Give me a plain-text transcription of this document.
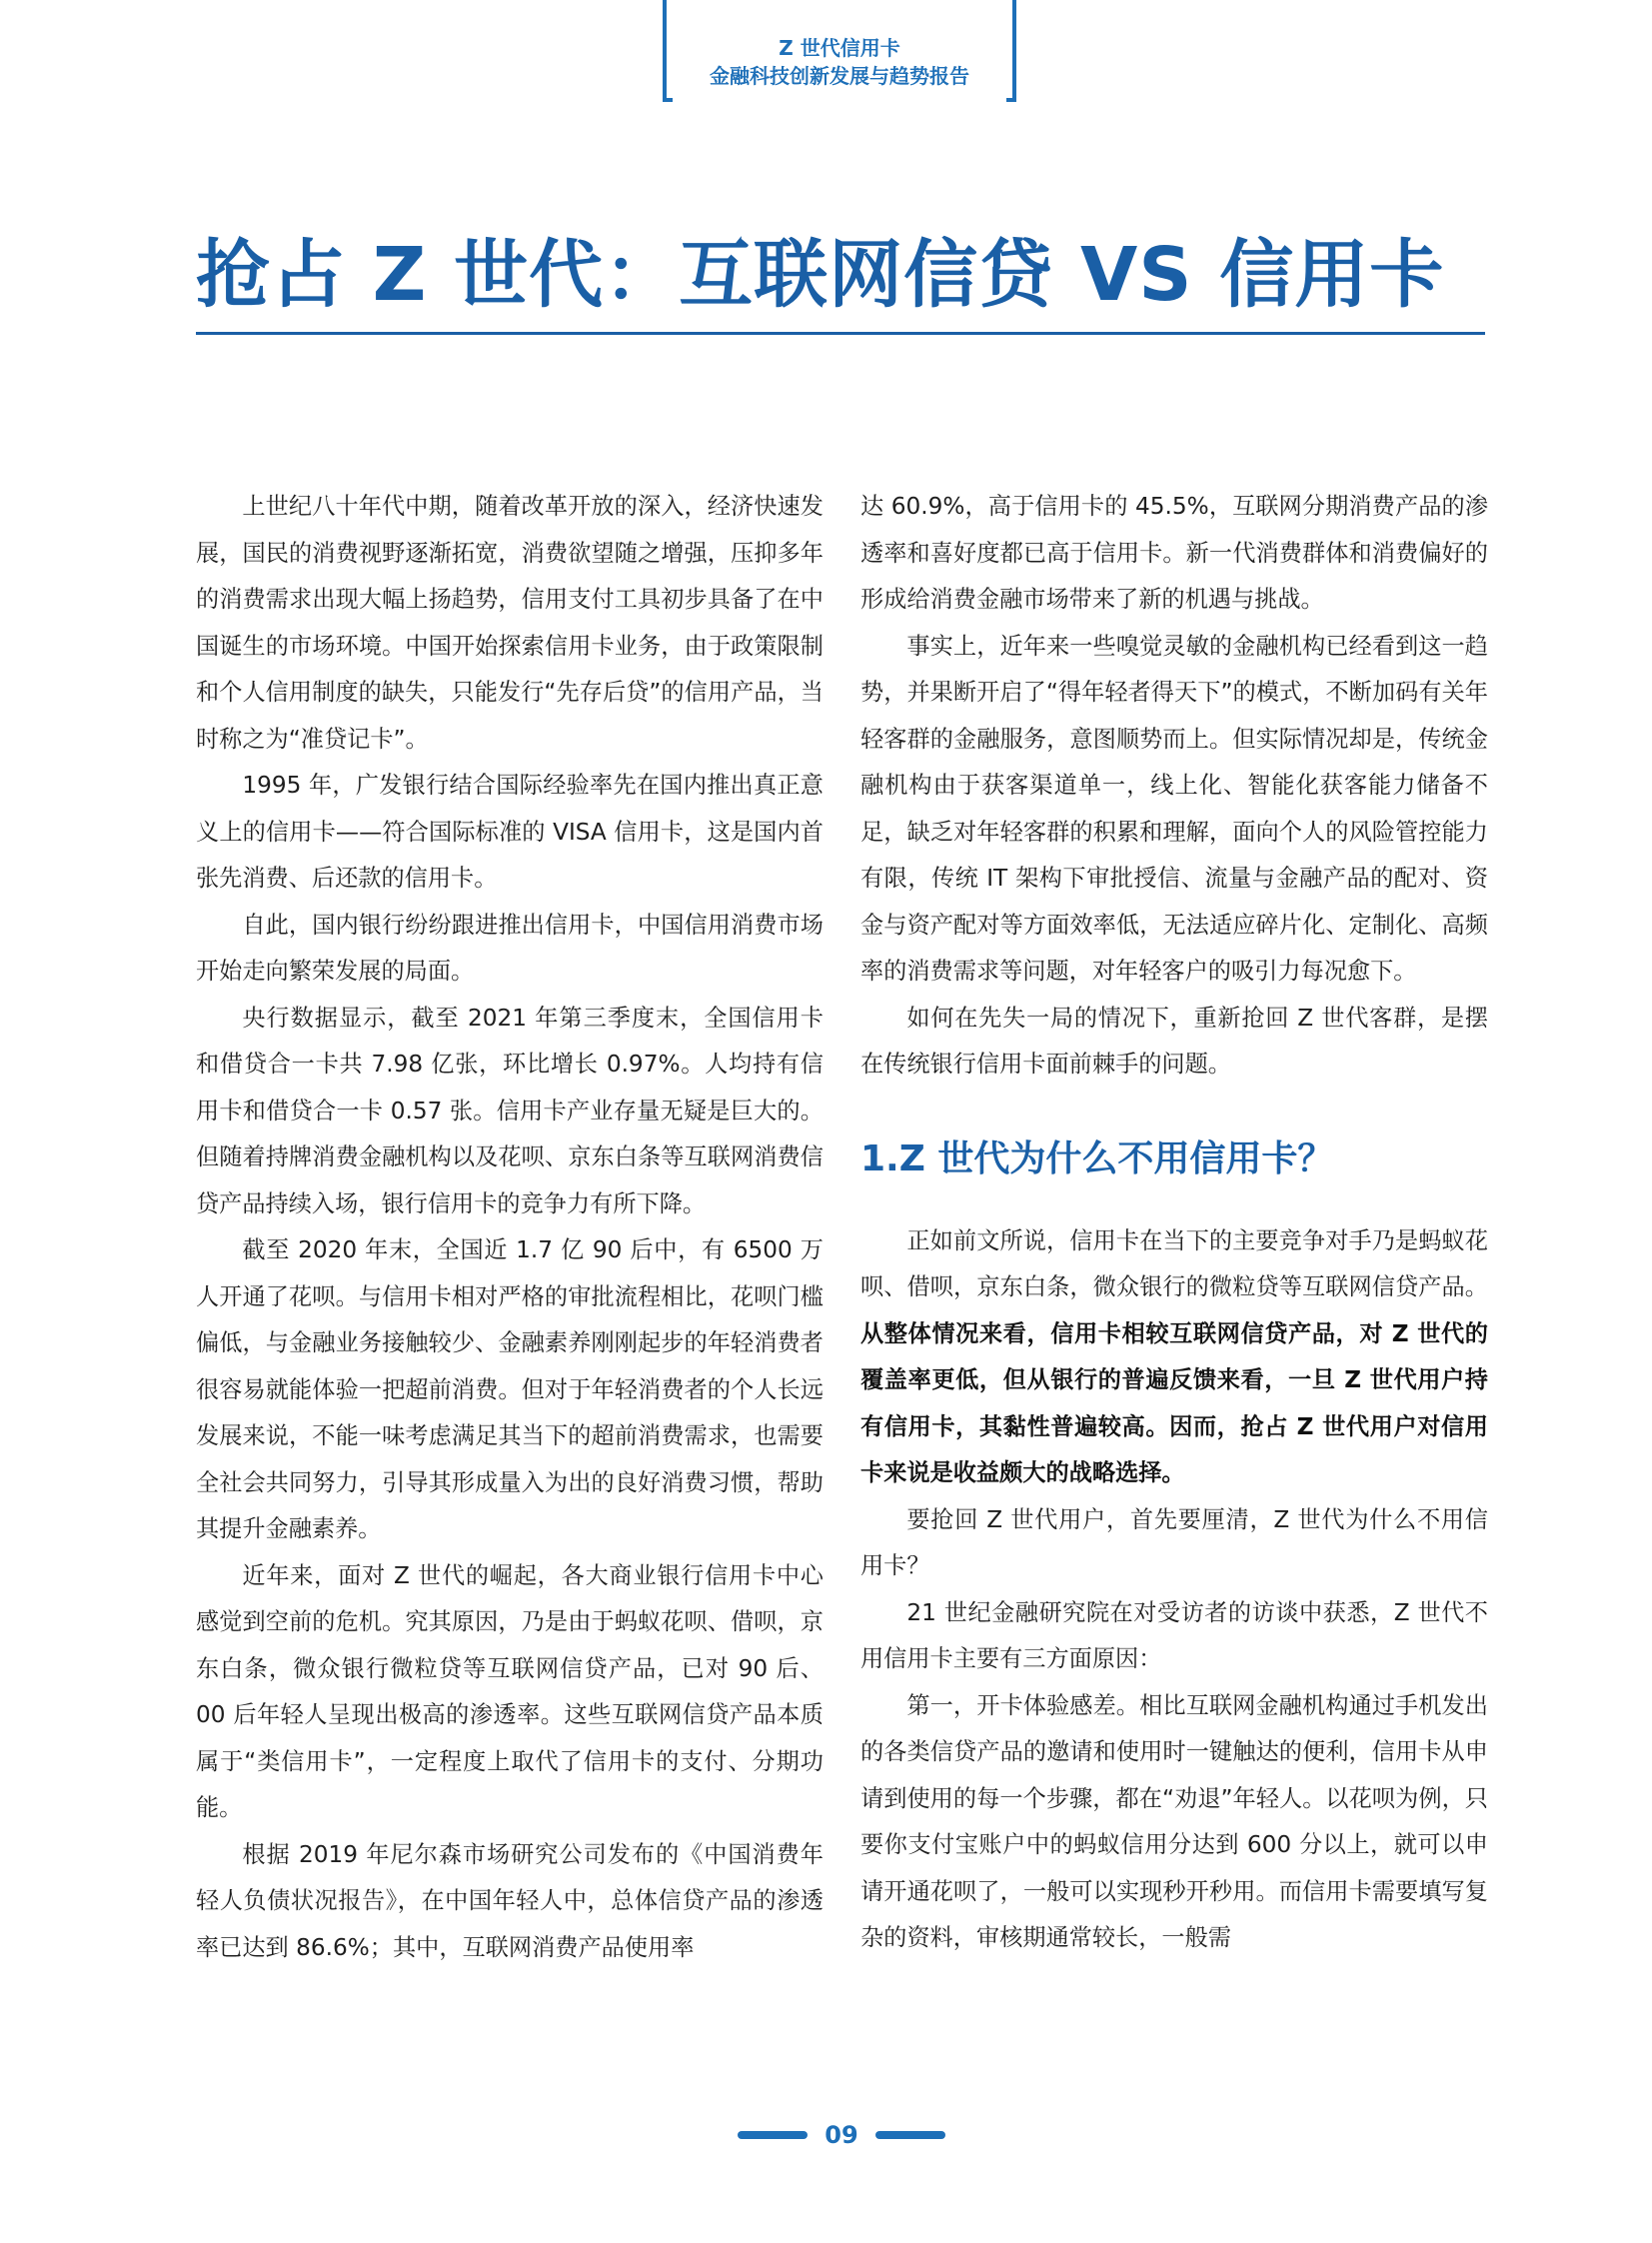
Z 世代信用卡
金融科技创新发展与趋势报告
抢占 Z 世代：互联网信贷 VS 信用卡

上世纪八十年代中期，随着改革开放的深入，经济快速发展，国民的消费视野逐渐拓宽，消费欲望随之增强，压抑多年的消费需求出现大幅上扬趋势，信用支付工具初步具备了在中国诞生的市场环境。中国开始探索信用卡业务，由于政策限制和个人信用制度的缺失，只能发行“先存后贷”的信用产品，当时称之为“准贷记卡”。

1995 年，广发银行结合国际经验率先在国内推出真正意义上的信用卡——符合国际标准的 VISA 信用卡，这是国内首张先消费、后还款的信用卡。

自此，国内银行纷纷跟进推出信用卡，中国信用消费市场开始走向繁荣发展的局面。

央行数据显示，截至 2021 年第三季度末，全国信用卡和借贷合一卡共 7.98 亿张，环比增长 0.97%。人均持有信用卡和借贷合一卡 0.57 张。信用卡产业存量无疑是巨大的。但随着持牌消费金融机构以及花呗、京东白条等互联网消费信贷产品持续入场，银行信用卡的竞争力有所下降。

截至 2020 年末，全国近 1.7 亿 90 后中，有 6500 万人开通了花呗。与信用卡相对严格的审批流程相比，花呗门槛偏低，与金融业务接触较少、金融素养刚刚起步的年轻消费者很容易就能体验一把超前消费。但对于年轻消费者的个人长远发展来说，不能一味考虑满足其当下的超前消费需求，也需要全社会共同努力，引导其形成量入为出的良好消费习惯，帮助其提升金融素养。

近年来，面对 Z 世代的崛起，各大商业银行信用卡中心感觉到空前的危机。究其原因，乃是由于蚂蚁花呗、借呗，京东白条，微众银行微粒贷等互联网信贷产品，已对 90 后、00 后年轻人呈现出极高的渗透率。这些互联网信贷产品本质属于“类信用卡”，一定程度上取代了信用卡的支付、分期功能。

根据 2019 年尼尔森市场研究公司发布的《中国消费年轻人负债状况报告》，在中国年轻人中，总体信贷产品的渗透率已达到 86.6%；其中，互联网消费产品使用率

达 60.9%，高于信用卡的 45.5%，互联网分期消费产品的渗透率和喜好度都已高于信用卡。新一代消费群体和消费偏好的形成给消费金融市场带来了新的机遇与挑战。

事实上，近年来一些嗅觉灵敏的金融机构已经看到这一趋势，并果断开启了“得年轻者得天下”的模式，不断加码有关年轻客群的金融服务，意图顺势而上。但实际情况却是，传统金融机构由于获客渠道单一，线上化、智能化获客能力储备不足，缺乏对年轻客群的积累和理解，面向个人的风险管控能力有限，传统 IT 架构下审批授信、流量与金融产品的配对、资金与资产配对等方面效率低，无法适应碎片化、定制化、高频率的消费需求等问题，对年轻客户的吸引力每况愈下。

如何在先失一局的情况下，重新抢回 Z 世代客群，是摆在传统银行信用卡面前棘手的问题。

1.Z 世代为什么不用信用卡？

正如前文所说，信用卡在当下的主要竞争对手乃是蚂蚁花呗、借呗，京东白条，微众银行的微粒贷等互联网信贷产品。从整体情况来看，信用卡相较互联网信贷产品，对 Z 世代的覆盖率更低，但从银行的普遍反馈来看，一旦 Z 世代用户持有信用卡，其黏性普遍较高。因而，抢占 Z 世代用户对信用卡来说是收益颇大的战略选择。

要抢回 Z 世代用户，首先要厘清，Z 世代为什么不用信用卡？

21 世纪金融研究院在对受访者的访谈中获悉，Z 世代不用信用卡主要有三方面原因：

第一，开卡体验感差。相比互联网金融机构通过手机发出的各类信贷产品的邀请和使用时一键触达的便利，信用卡从申请到使用的每一个步骤，都在“劝退”年轻人。以花呗为例，只要你支付宝账户中的蚂蚁信用分达到 600 分以上，就可以申请开通花呗了，一般可以实现秒开秒用。而信用卡需要填写复杂的资料，审核期通常较长，一般需

09
